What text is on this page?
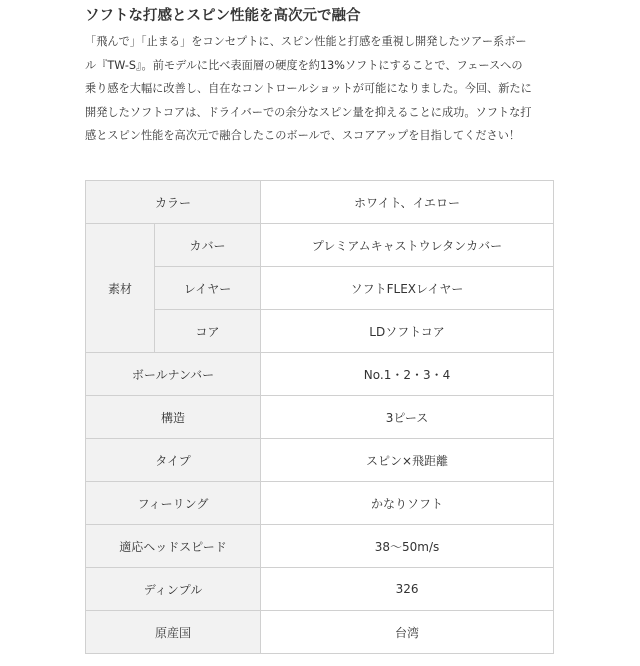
ソフトな打感とスピン性能を高次元で融合

「飛んで」「止まる」をコンセプトに、スピン性能と打感を重視し開発したツアー系ボー
ル『TW-S』。前モデルに比べ表面層の硬度を約13%ソフトにすることで、フェースへの
乗り感を大幅に改善し、自在なコントロールショットが可能になりました。今回、新たに
開発したソフトコアは、ドライバーでの余分なスピン量を抑えることに成功。ソフトな打
感とスピン性能を高次元で融合したこのボールで、スコアアップを目指してください！

カラー		ホワイト、イエロー
素材	カバー	プレミアムキャストウレタンカバー
	レイヤー	ソフトFLEXレイヤー
	コア	LDソフトコア
ボールナンバー		No.1・2・3・4
構造		3ピース
タイプ		スピン×飛距離
フィーリング		かなりソフト
適応ヘッドスピード		38〜50m/s
ディンプル		326
原産国		台湾
